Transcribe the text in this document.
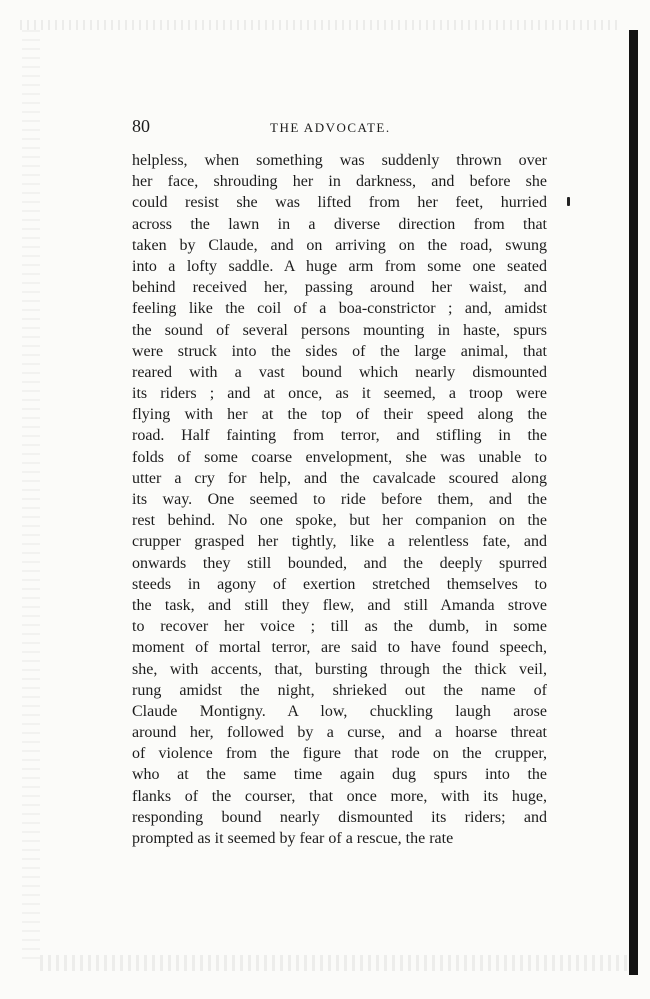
80	THE ADVOCATE.
helpless, when something was suddenly thrown over
her face, shrouding her in darkness, and before she
could resist she was lifted from her feet, hurried
across the lawn in a diverse direction from that
taken by Claude, and on arriving on the road, swung
into a lofty saddle. A huge arm from some one seated
behind received her, passing around her waist, and
feeling like the coil of a boa-constrictor ; and, amidst
the sound of several persons mounting in haste, spurs
were struck into the sides of the large animal, that
reared with a vast bound which nearly dismounted
its riders ; and at once, as it seemed, a troop were
flying with her at the top of their speed along the
road. Half fainting from terror, and stifling in the
folds of some coarse envelopment, she was unable to
utter a cry for help, and the cavalcade scoured along
its way. One seemed to ride before them, and the
rest behind. No one spoke, but her companion on the
crupper grasped her tightly, like a relentless fate, and
onwards they still bounded, and the deeply spurred
steeds in agony of exertion stretched themselves to
the task, and still they flew, and still Amanda strove
to recover her voice ; till as the dumb, in some
moment of mortal terror, are said to have found speech,
she, with accents, that, bursting through the thick veil,
rung amidst the night, shrieked out the name of
Claude Montigny. A low, chuckling laugh arose
around her, followed by a curse, and a hoarse threat
of violence from the figure that rode on the crupper,
who at the same time again dug spurs into the
flanks of the courser, that once more, with its huge,
responding bound nearly dismounted its riders; and
prompted as it seemed by fear of a rescue, the rate
